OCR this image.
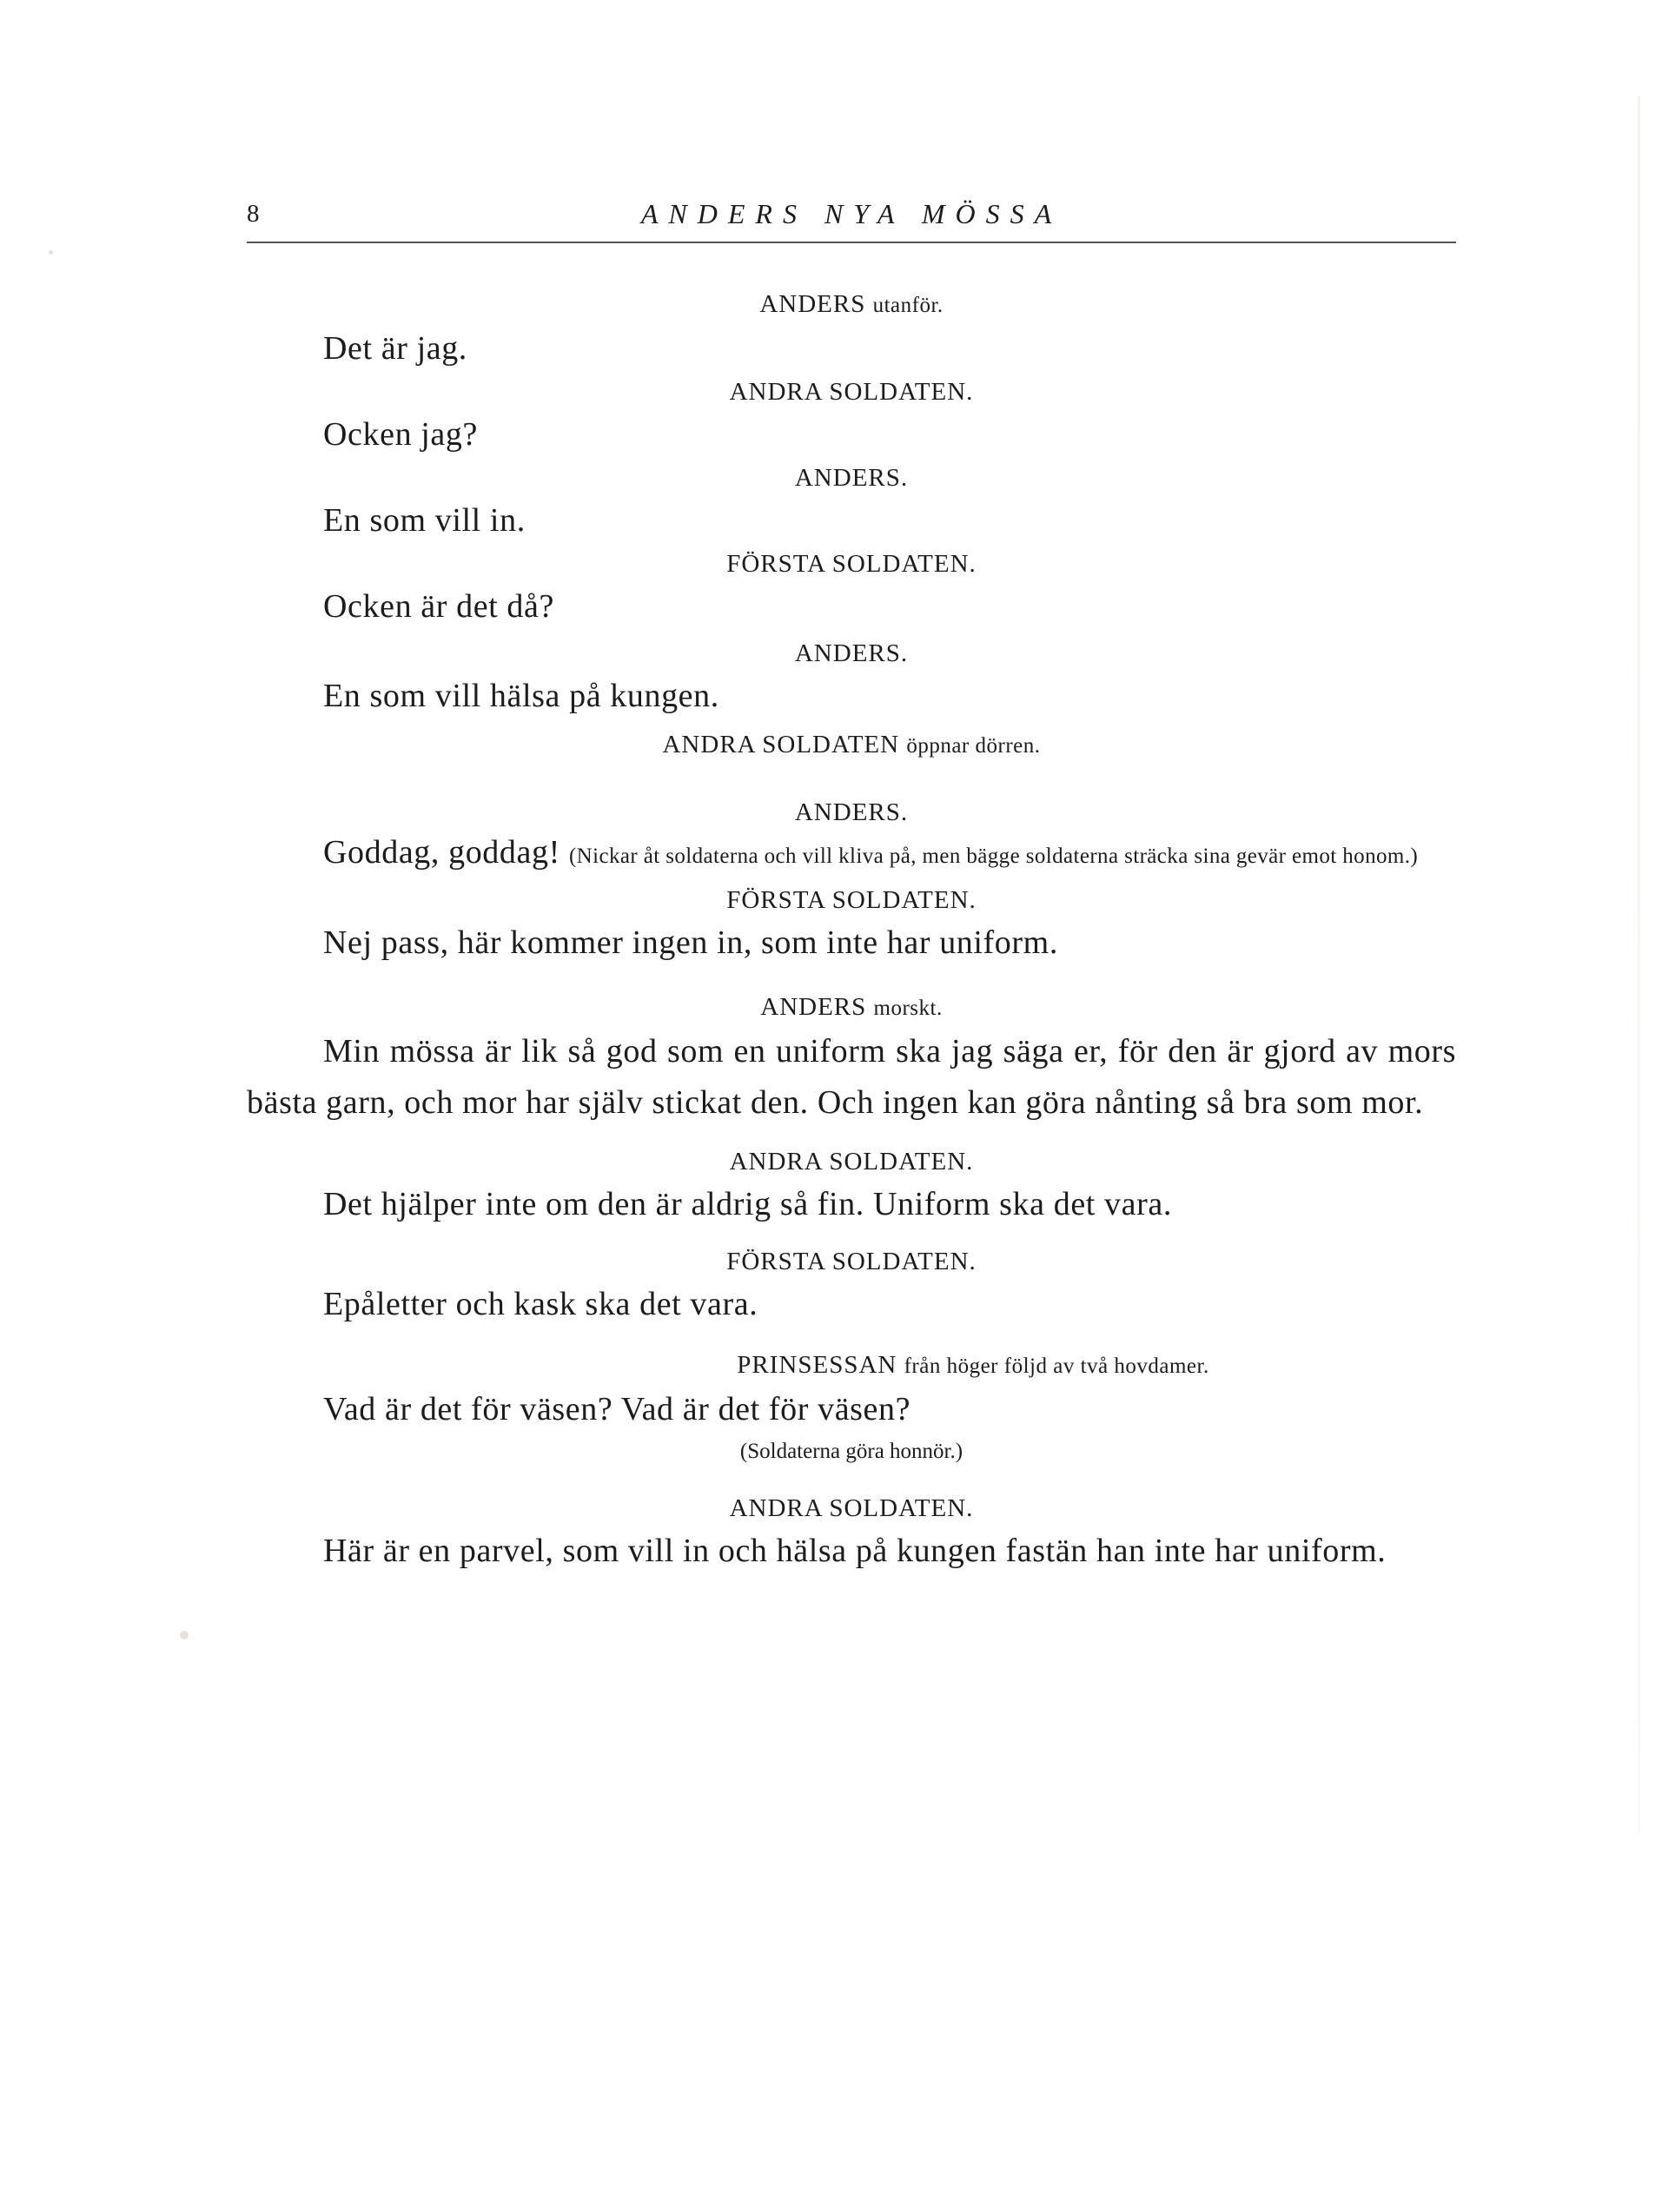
8	ANDERS NYA MÖSSA

ANDERS utanför.

Det är jag.

ANDRA SOLDATEN.

Ocken jag?

ANDERS.

En som vill in.

FÖRSTA SOLDATEN.

Ocken är det då?

ANDERS.

En som vill hälsa på kungen.

ANDRA SOLDATEN öppnar dörren.

ANDERS.

Goddag, goddag! (Nickar åt soldaterna och vill kliva på, men bägge soldaterna sträcka sina gevär emot honom.)

FÖRSTA SOLDATEN.

Nej pass, här kommer ingen in, som inte har uniform.

ANDERS morskt.

Min mössa är lik så god som en uniform ska jag säga er, för den är gjord av mors bästa garn, och mor har själv stickat den. Och ingen kan göra nånting så bra som mor.

ANDRA SOLDATEN.

Det hjälper inte om den är aldrig så fin. Uniform ska det vara.

FÖRSTA SOLDATEN.

Epåletter och kask ska det vara.

PRINSESSAN från höger följd av två hovdamer.

Vad är det för väsen? Vad är det för väsen?

(Soldaterna göra honnör.)

ANDRA SOLDATEN.

Här är en parvel, som vill in och hälsa på kungen fastän han inte har uniform.
